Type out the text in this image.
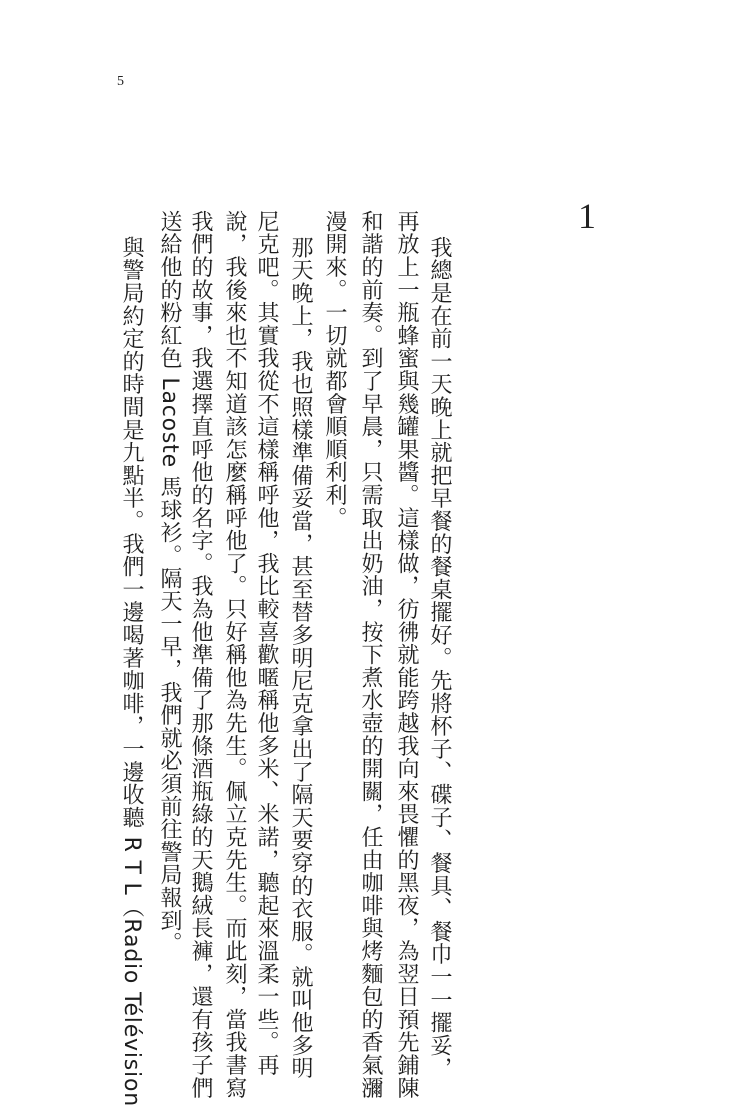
5
1
我總是在前一天晚上就把早餐的餐桌擺好。先將杯子、碟子、餐具、餐巾一一擺妥，
再放上一瓶蜂蜜與幾罐果醬。這樣做，彷彿就能跨越我向來畏懼的黑夜，為翌日預先鋪陳
和諧的前奏。到了早晨，只需取出奶油，按下煮水壺的開關，任由咖啡與烤麵包的香氣瀰
漫開來。一切就都會順順利利。
那天晚上，我也照樣準備妥當，甚至替多明尼克拿出了隔天要穿的衣服。就叫他多明
尼克吧。其實我從不這樣稱呼他，我比較喜歡暱稱他多米、米諾，聽起來溫柔一些。再
說，我後來也不知道該怎麼稱呼他了。只好稱他為先生。佩立克先生。而此刻，當我書寫
我們的故事，我選擇直呼他的名字。我為他準備了那條酒瓶綠的天鵝絨長褲，還有孩子們
送給他的粉紅色 Lacoste 馬球衫。隔天一早，我們就必須前往警局報到。
與警局約定的時間是九點半。我們一邊喝著咖啡，一邊收聽 R T L（Radio Télévision
